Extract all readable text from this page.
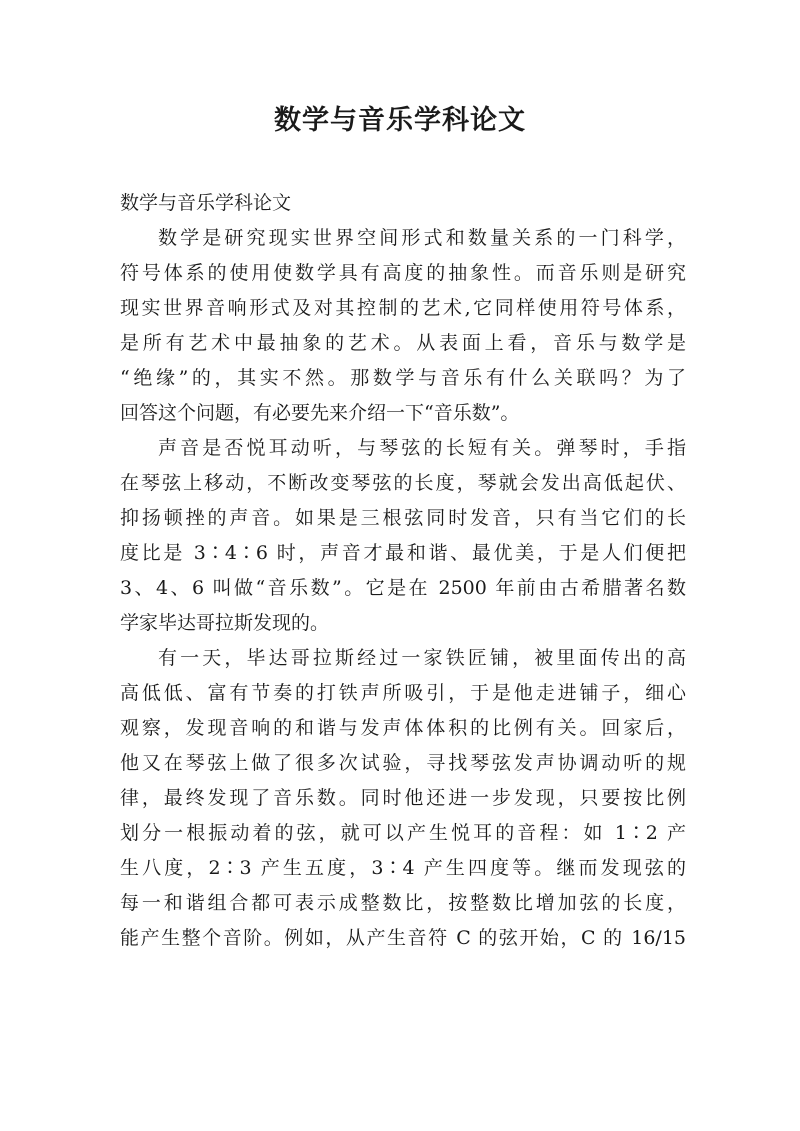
数学与音乐学科论文
数学与音乐学科论文

数学是研究现实世界空间形式和数量关系的一门科学，
符号体系的使用使数学具有高度的抽象性。而音乐则是研究
现实世界音响形式及对其控制的艺术,它同样使用符号体系，
是所有艺术中最抽象的艺术。从表面上看，音乐与数学是
“绝缘”的，其实不然。那数学与音乐有什么关联吗？为了
回答这个问题，有必要先来介绍一下“音乐数”。

声音是否悦耳动听，与琴弦的长短有关。弹琴时，手指
在琴弦上移动，不断改变琴弦的长度，琴就会发出高低起伏、
抑扬顿挫的声音。如果是三根弦同时发音，只有当它们的长
度比是 3∶4∶6 时，声音才最和谐、最优美，于是人们便把
3、4、6 叫做“音乐数”。它是在 2500 年前由古希腊著名数
学家毕达哥拉斯发现的。

有一天，毕达哥拉斯经过一家铁匠铺，被里面传出的高
高低低、富有节奏的打铁声所吸引，于是他走进铺子，细心
观察，发现音响的和谐与发声体体积的比例有关。回家后，
他又在琴弦上做了很多次试验，寻找琴弦发声协调动听的规
律，最终发现了音乐数。同时他还进一步发现，只要按比例
划分一根振动着的弦，就可以产生悦耳的音程：如 1∶2 产
生八度，2∶3 产生五度，3∶4 产生四度等。继而发现弦的
每一和谐组合都可表示成整数比，按整数比增加弦的长度，
能产生整个音阶。例如，从产生音符 C 的弦开始，C 的 16/15
